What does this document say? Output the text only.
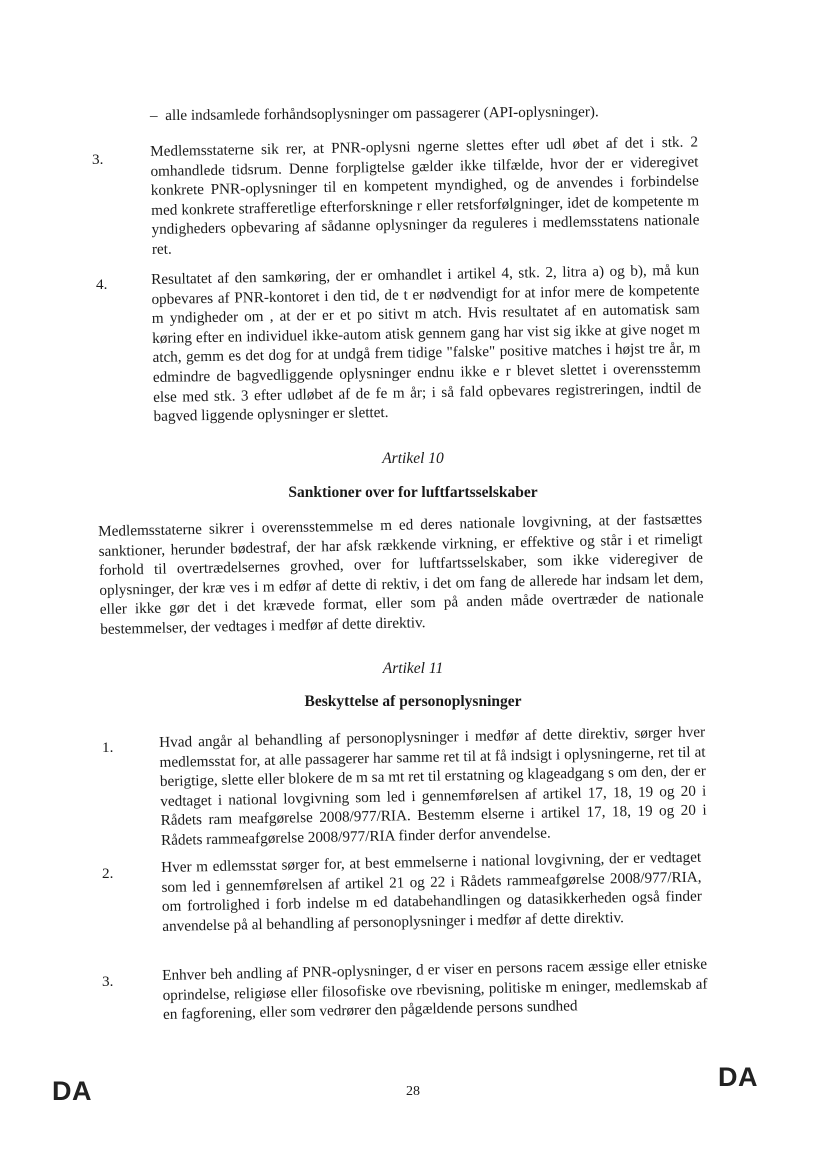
– alle indsamlede forhåndsoplysninger om passagerer (API-oplysninger).
3.	Medlemsstaterne sik rer, at PNR-oplysni ngerne slettes efter udl øbet af det i stk. 2 omhandlede tidsrum. Denne forpligtelse gælder ikke tilfælde, hvor der er videregivet konkrete PNR-oplysninger til en kompetent myndighed, og de anvendes i forbindelse med konkrete strafferetlige efterforskninge r eller retsforfølgninger, idet de kompetente m yndigheders opbevaring af sådanne oplysninger da reguleres i medlemsstatens nationale ret.
4.	Resultatet af den samkøring, der er omhandlet i artikel 4, stk. 2, litra a) og b), må kun opbevares af PNR-kontoret i den tid, de t er nødvendigt for at infor mere de kompetente m yndigheder om , at der er et po sitivt m atch. Hvis resultatet af en automatisk sam køring efter en individuel ikke-autom atisk gennem gang har vist sig ikke at give noget m atch, gemm es det dog for at undgå frem tidige "falske" positive matches i højst tre år, m edmindre de bagvedliggende oplysninger endnu ikke e r blevet slettet i overensstemm else med stk. 3 efter udløbet af de fe m år; i så fald opbevares registreringen, indtil de bagved liggende oplysninger er slettet.
Artikel 10
Sanktioner over for luftfartsselskaber
Medlemsstaterne sikrer i overensstemmelse m ed deres nationale lovgivning, at der fastsættes sanktioner, herunder bødestraf, der har afsk rækkende virkning, er effektive og står i et rimeligt forhold til overtrædelsernes grovhed, over for luftfartsselskaber, som ikke videregiver de oplysninger, der kræ ves i m edfør af dette di rektiv, i det om fang de allerede har indsam let dem, eller ikke gør det i det krævede format, eller som på anden måde overtræder de nationale bestemmelser, der vedtages i medfør af dette direktiv.
Artikel 11
Beskyttelse af personoplysninger
1.	Hvad angår al behandling af personoplysninger i medfør af dette direktiv, sørger hver medlemsstat for, at alle passagerer har samme ret til at få indsigt i oplysningerne, ret til at berigtige, slette eller blokere de m sa mt ret til erstatning og klageadgang s om den, der er vedtaget i national lovgivning som led i gennemførelsen af artikel 17, 18, 19 og 20 i Rådets ram meafgørelse 2008/977/RIA. Bestemm elserne i artikel 17, 18, 19 og 20 i Rådets rammeafgørelse 2008/977/RIA finder derfor anvendelse.
2.	Hver m edlemsstat sørger for, at best emmelserne i national lovgivning, der er vedtaget som led i gennemførelsen af artikel 21 og 22 i Rådets rammeafgørelse 2008/977/RIA, om fortrolighed i forb indelse m ed databehandlingen og datasikkerheden også finder anvendelse på al behandling af personoplysninger i medfør af dette direktiv.
3.	Enhver beh andling af PNR-oplysninger, d er viser en persons racem æssige eller etniske oprindelse, religiøse eller filosofiske ove rbevisning, politiske m eninger, medlemskab af en fagforening, eller som vedrører den pågældende persons sundhed
DA	28	DA
